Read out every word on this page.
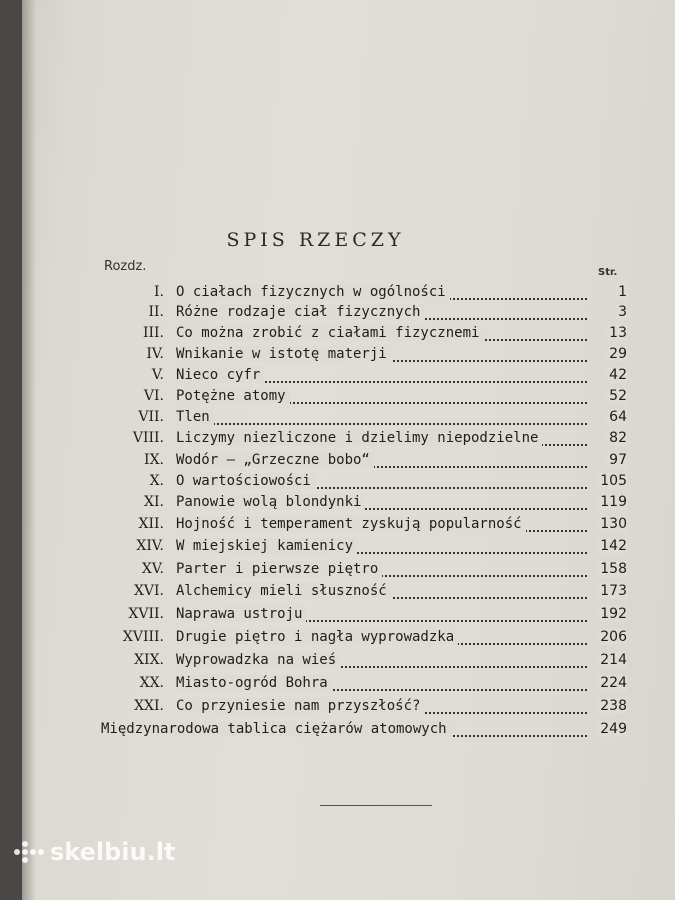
SPIS RZECZY
Rozdz.	Str.
I. O ciałach fizycznych w ogólności	1
II. Różne rodzaje ciał fizycznych	3
III. Co można zrobić z ciałami fizycznemi	13
IV. Wnikanie w istotę materji	29
V. Nieco cyfr	42
VI. Potężne atomy	52
VII. Tlen	64
VIII. Liczymy niezliczone i dzielimy niepodzielne	82
IX. Wodór — „Grzeczne bobo“	97
X. O wartościowości	105
XI. Panowie wolą blondynki	119
XII. Hojność i temperament zyskują popularność	130
XIV. W miejskiej kamienicy	142
XV. Parter i pierwsze piętro	158
XVI. Alchemicy mieli słuszność	173
XVII. Naprawa ustroju	192
XVIII. Drugie piętro i nagła wyprowadzka	206
XIX. Wyprowadzka na wieś	214
XX. Miasto-ogród Bohra	224
XXI. Co przyniesie nam przyszłość?	238
Międzynarodowa tablica ciężarów atomowych	249
skelbiu.lt
